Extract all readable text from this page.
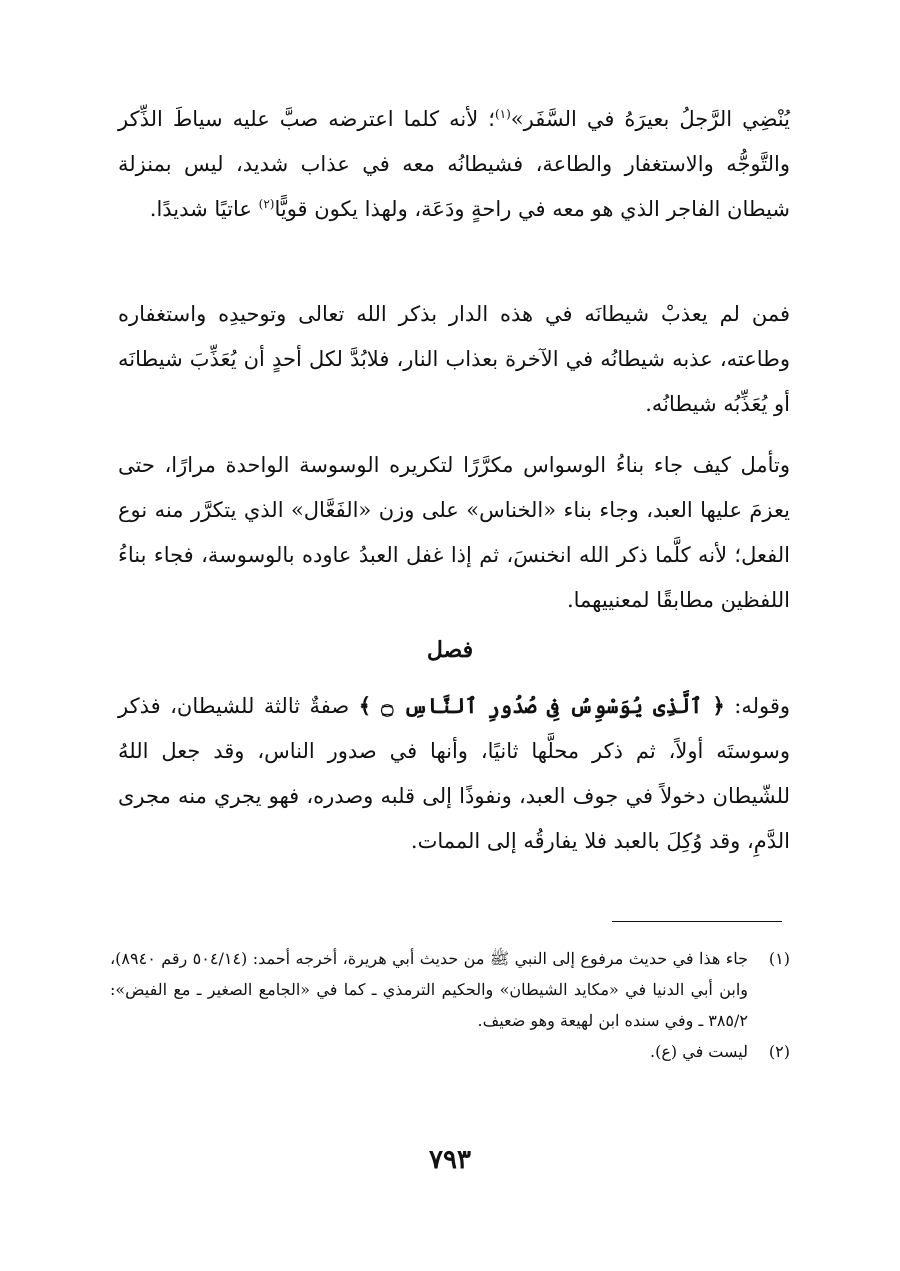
يُنْضِي الرَّجلُ بعيرَهُ في السَّفَر»$^{(١)}$؛ لأنه كلما اعترضه صبَّ عليه سياطَ الذِّكر والتَّوجُّه والاستغفار والطاعة، فشيطانُه معه في عذاب شديد، ليس بمنزلة شيطان الفاجر الذي هو معه في راحةٍ ودَعَة، ولهذا يكون قويًّا$^{(٢)}$ عاتيًا شديدًا.

فمن لم يعذبْ شيطانَه في هذه الدار بذكر الله تعالى وتوحيدِه واستغفاره وطاعته، عذبه شيطانُه في الآخرة بعذاب النار، فلابُدَّ لكل أحدٍ أن يُعَذِّبَ شيطانَه أو يُعَذِّبُه شيطانُه.

وتأمل كيف جاء بناءُ الوسواس مكرَّرًا لتكريره الوسوسة الواحدة مرارًا، حتى يعزمَ عليها العبد، وجاء بناء «الخناس» على وزن «الفَعَّال» الذي يتكرَّر منه نوع الفعل؛ لأنه كلَّما ذكر الله انخنسَ، ثم إذا غفل العبدُ عاوده بالوسوسة، فجاء بناءُ اللفظين مطابقًا لمعنييهما.

فصل

وقوله: ﴿ ٱلَّذِى يُوَسْوِسُ فِى صُدُورِ ٱلنَّاسِ ۝ ﴾ صفةٌ ثالثة للشيطان، فذكر وسوستَه أولاً، ثم ذكر محلَّها ثانيًا، وأنها في صدور الناس، وقد جعل اللهُ للشّيطان دخولاً في جوف العبد، ونفوذًا إلى قلبه وصدره، فهو يجري منه مجرى الدَّمِ، وقد وُكِلَ بالعبد فلا يفارقُه إلى الممات.

(١)
جاء هذا في حديث مرفوع إلى النبي ﷺ من حديث أبي هريرة، أخرجه أحمد: (٥٠٤/١٤ رقم ٨٩٤٠)، وابن أبي الدنيا في «مكايد الشيطان» والحكيم الترمذي ـ كما في «الجامع الصغير ـ مع الفيض»: ٣٨٥/٢ ـ وفي سنده ابن لهيعة وهو ضعيف.
(٢)
ليست في (ع).
٧٩٣
